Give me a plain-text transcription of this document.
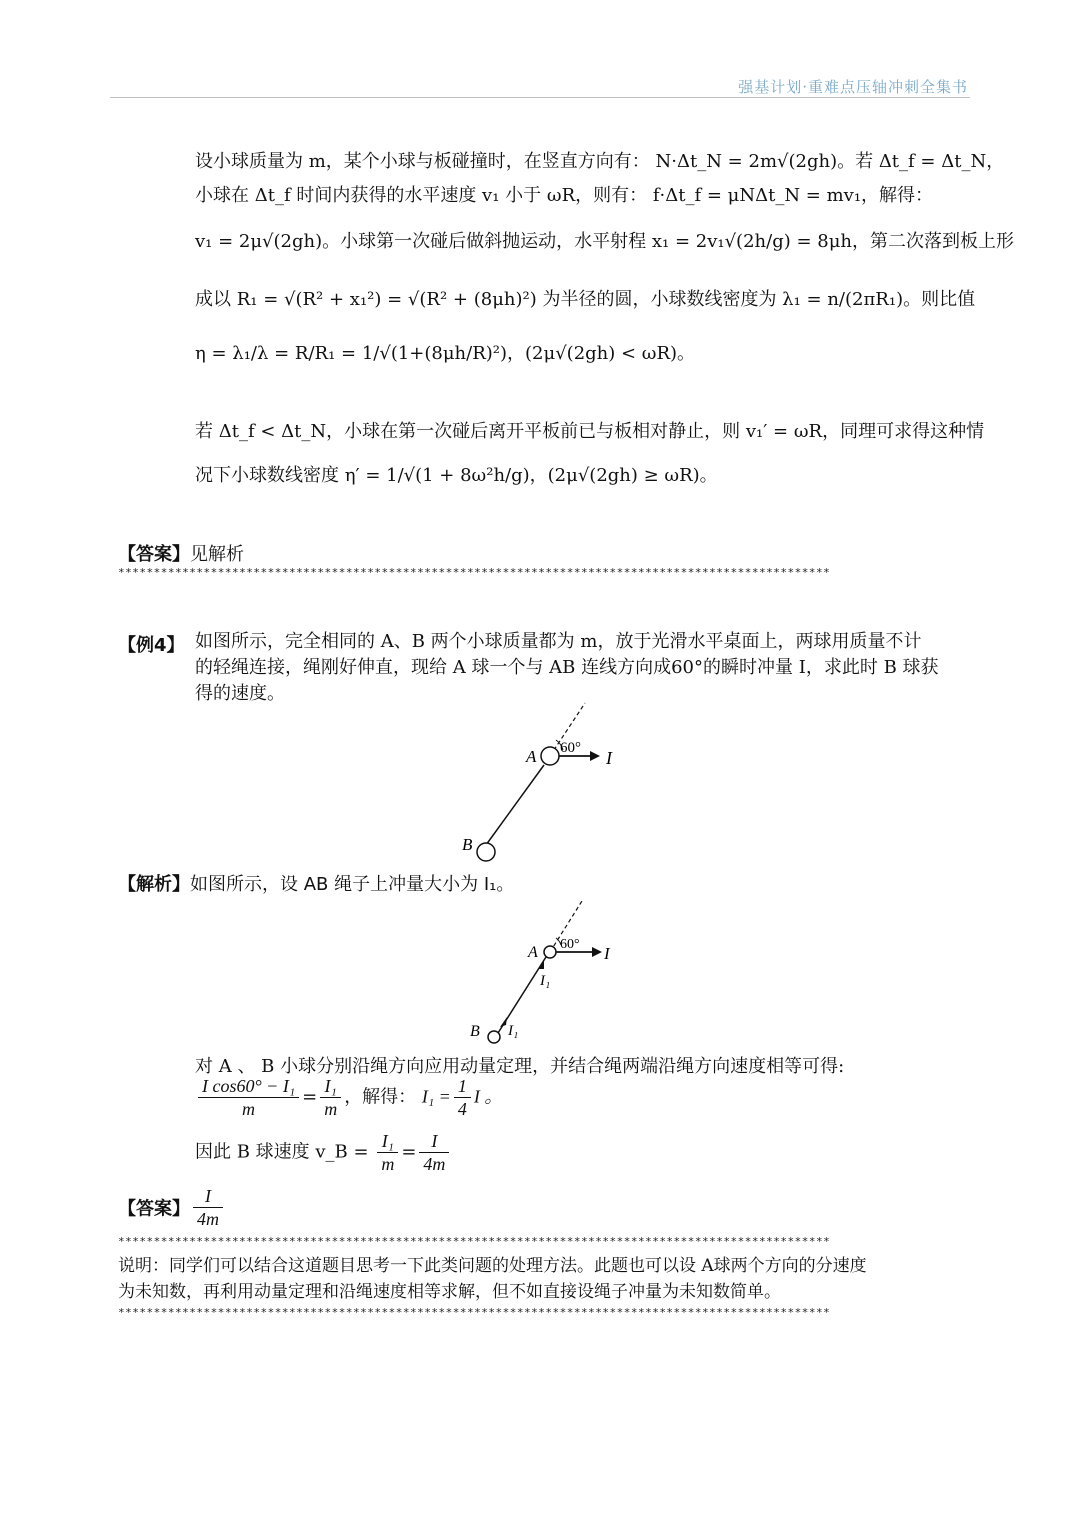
强基计划·重难点压轴冲刺全集书
设小球质量为 m，某个小球与板碰撞时，在竖直方向有： N·Δt_N = 2m√(2gh)。若 Δt_f = Δt_N，
小球在 Δt_f 时间内获得的水平速度 v₁ 小于 ωR，则有： f·Δt_f = μNΔt_N = mv₁，解得：
v₁ = 2μ√(2gh)。小球第一次碰后做斜抛运动，水平射程 x₁ = 2v₁√(2h/g) = 8μh，第二次落到板上形
成以 R₁ = √(R² + x₁²) = √(R² + (8μh)²) 为半径的圆，小球数线密度为 λ₁ = n/(2πR₁)。则比值
η = λ₁/λ = R/R₁ = 1/√(1+(8μh/R)²)，(2μ√(2gh) < ωR)。
若 Δt_f < Δt_N，小球在第一次碰后离开平板前已与板相对静止，则 v₁′ = ωR，同理可求得这种情
况下小球数线密度 η′ = 1/√(1 + 8ω²h/g)，(2μ√(2gh) ≥ ωR)。
【答案】见解析
****************************************************************************************************
【例4】 如图所示，完全相同的 A、B 两个小球质量都为 m，放于光滑水平桌面上，两球用质量不计
的轻绳连接，绳刚好伸直，现给 A 球一个与 AB 连线方向成60°的瞬时冲量 I，求此时 B 球获
得的速度。
A
B
60° I
【解析】如图所示，设 AB 绳子上冲量大小为 I₁。
A
B
60° I
I₁
I₁
对 A 、 B 小球分别沿绳方向应用动量定理，并结合绳两端沿绳方向速度相等可得:
$\frac{\text{I cos60° − I₁}}{m} = \frac{\text{I₁}}{m}$ ，解得： $I_1 = \frac{1}{4}$ I 。
因此 B 球速度 v_B = $\frac{\text{I₁}}{m} = \frac{I}{4m}$
【答案】 $\frac{I}{4m}$
****************************************************************************************************
说明：同学们可以结合这道题目思考一下此类问题的处理方法。此题也可以设 A球两个方向的分速度
为未知数，再利用动量定理和沿绳速度相等求解，但不如直接设绳子冲量为未知数简单。
****************************************************************************************************
